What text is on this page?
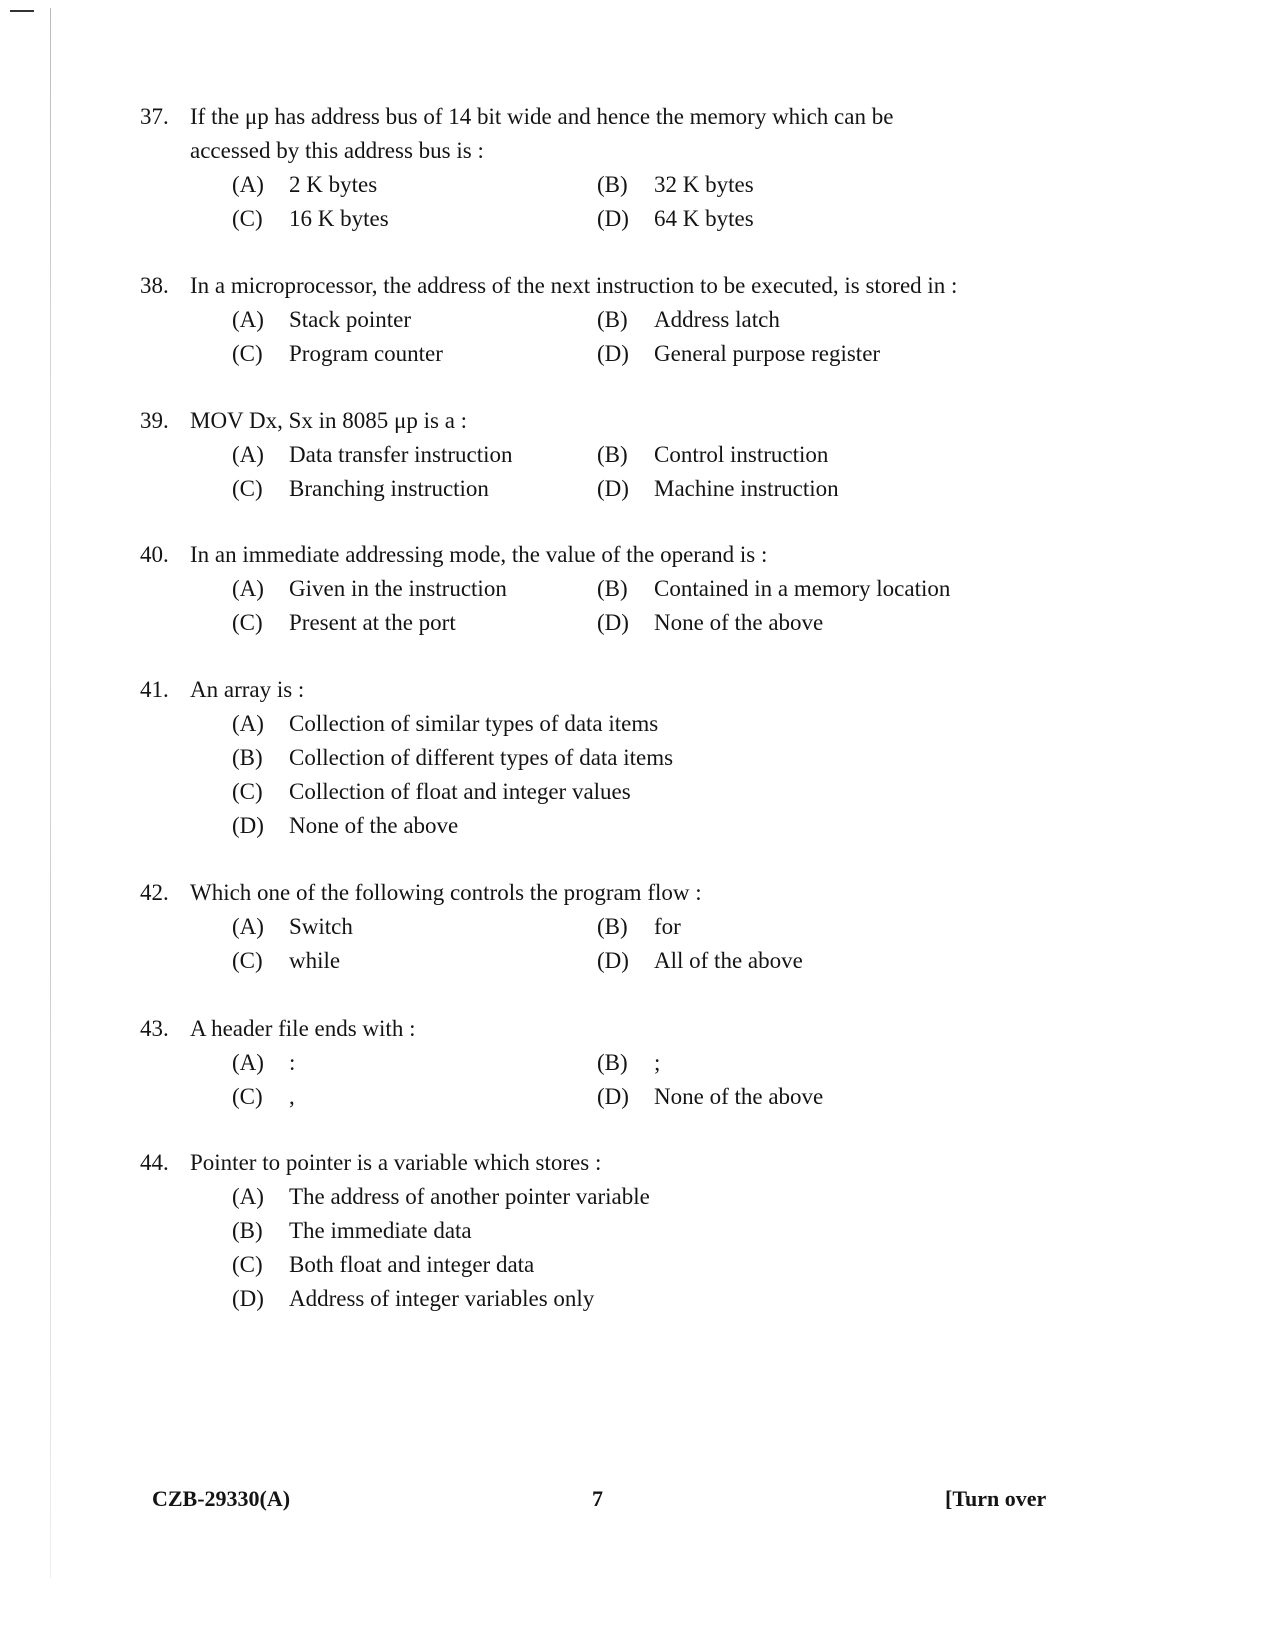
37. If the μp has address bus of 14 bit wide and hence the memory which can be accessed by this address bus is :
(A)	2 K bytes	(B)	32 K bytes
(C)	16 K bytes	(D)	64 K bytes
38. In a microprocessor, the address of the next instruction to be executed, is stored in :
(A)	Stack pointer	(B)	Address latch
(C)	Program counter	(D)	General purpose register
39. MOV Dx, Sx in 8085 μp is a :
(A)	Data transfer instruction	(B)	Control instruction
(C)	Branching instruction	(D)	Machine instruction
40. In an immediate addressing mode, the value of the operand is :
(A)	Given in the instruction	(B)	Contained in a memory location
(C)	Present at the port	(D)	None of the above
41. An array is :
(A)	Collection of similar types of data items
(B)	Collection of different types of data items
(C)	Collection of float and integer values
(D)	None of the above
42. Which one of the following controls the program flow :
(A)	Switch	(B)	for
(C)	while	(D)	All of the above
43. A header file ends with :
(A)	:	(B)	;
(C)	,	(D)	None of the above
44. Pointer to pointer is a variable which stores :
(A)	The address of another pointer variable
(B)	The immediate data
(C)	Both float and integer data
(D)	Address of integer variables only
CZB-29330(A)	7	[Turn over
